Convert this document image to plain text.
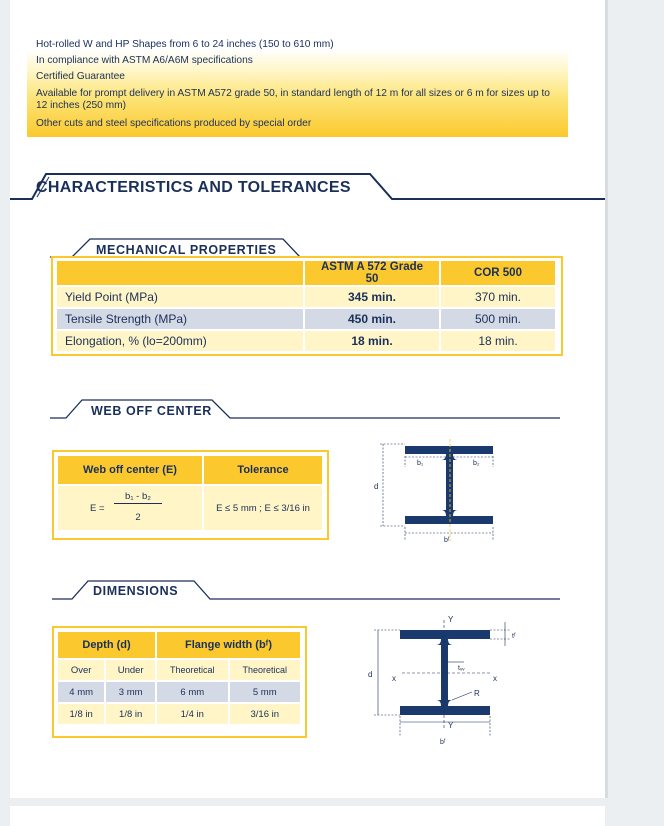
Hot-rolled W and HP Shapes from 6 to 24 inches (150 to 610 mm)
In compliance with ASTM A6/A6M specifications
Certified Guarantee
Available for prompt delivery in ASTM A572 grade 50, in standard length of 12 m for all sizes or 6 m for sizes up to 12 inches (250 mm)
Other cuts and steel specifications produced by special order
CHARACTERISTICS AND TOLERANCES
MECHANICAL PROPERTIES
	ASTM A 572 Grade 50	COR 500
Yield Point (MPa)	345 min.	370 min.
Tensile Strength (MPa)	450 min.	500 min.
Elongation, % (lo=200mm)	18 min.	18 min.
WEB OFF CENTER
Web off center (E)	Tolerance

E =
b₁ - b₂
2	E ≤ 5 mm ; E ≤ 3/16 in
d
b₁	b₂
bᶠ
DIMENSIONS
Depth (d)		Flange width (bᶠ)	
Over	Under	Theoretical	Theoretical
4 mm	3 mm	6 mm	5 mm
1/8 in	1/8 in	1/4 in	3/16 in
Y
Y
x	x
d
tᵥᵥ
tᶠ
R
bᶠ
